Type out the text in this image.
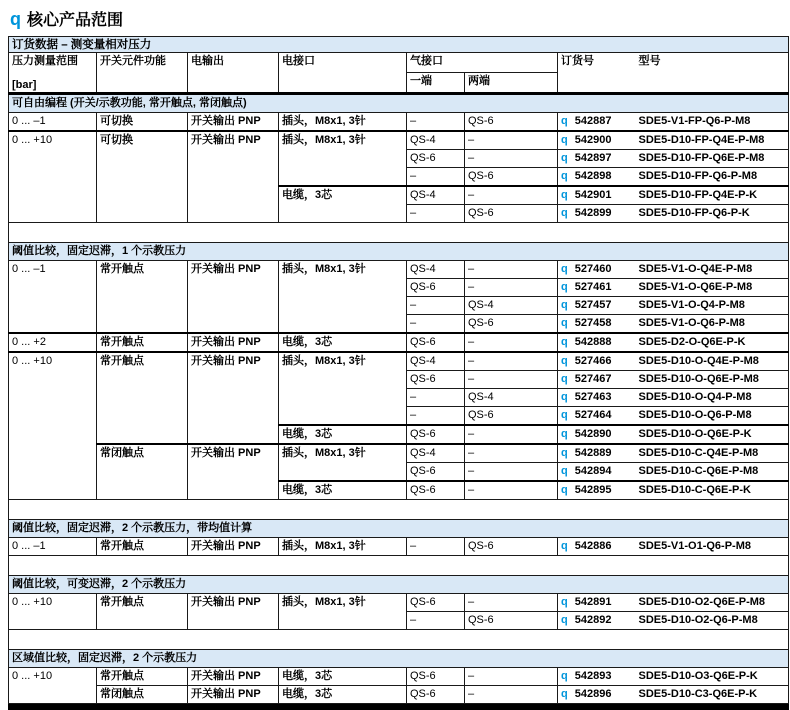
q 核心产品范围
订货数据 – 测变量相对压力							

压力测量范围
[bar]	开关元件功能	电输出	电接口	气接口		订货号	型号
				一端	两端		
可自由编程 (开关/示教功能, 常开触点, 常闭触点)							
0 ... –1	可切换	开关输出 PNP	插头，M8x1, 3针	–	QS-6	q 542887	SDE5-V1-FP-Q6-P-M8
0 ... +10	可切换	开关输出 PNP	插头，M8x1, 3针	QS-4	–	q 542900	SDE5-D10-FP-Q4E-P-M8
				QS-6	–	q 542897	SDE5-D10-FP-Q6E-P-M8
				–	QS-6	q 542898	SDE5-D10-FP-Q6-P-M8
			电缆，3芯	QS-4	–	q 542901	SDE5-D10-FP-Q4E-P-K
				–	QS-6	q 542899	SDE5-D10-FP-Q6-P-K

阈值比较，固定迟滞，1 个示教压力							
0 ... –1	常开触点	开关输出 PNP	插头，M8x1, 3针	QS-4	–	q 527460	SDE5-V1-O-Q4E-P-M8
				QS-6	–	q 527461	SDE5-V1-O-Q6E-P-M8
				–	QS-4	q 527457	SDE5-V1-O-Q4-P-M8
				–	QS-6	q 527458	SDE5-V1-O-Q6-P-M8
0 ... +2	常开触点	开关输出 PNP	电缆，3芯	QS-6	–	q 542888	SDE5-D2-O-Q6E-P-K
0 ... +10	常开触点	开关输出 PNP	插头，M8x1, 3针	QS-4	–	q 527466	SDE5-D10-O-Q4E-P-M8
				QS-6	–	q 527467	SDE5-D10-O-Q6E-P-M8
				–	QS-4	q 527463	SDE5-D10-O-Q4-P-M8
				–	QS-6	q 527464	SDE5-D10-O-Q6-P-M8
			电缆，3芯	QS-6	–	q 542890	SDE5-D10-O-Q6E-P-K
	常闭触点	开关输出 PNP	插头，M8x1, 3针	QS-4	–	q 542889	SDE5-D10-C-Q4E-P-M8
				QS-6	–	q 542894	SDE5-D10-C-Q6E-P-M8
			电缆，3芯	QS-6	–	q 542895	SDE5-D10-C-Q6E-P-K

阈值比较，固定迟滞，2 个示教压力，带均值计算							
0 ... –1	常开触点	开关输出 PNP	插头，M8x1, 3针	–	QS-6	q 542886	SDE5-V1-O1-Q6-P-M8

阈值比较，可变迟滞，2 个示教压力							
0 ... +10	常开触点	开关输出 PNP	插头，M8x1, 3针	QS-6	–	q 542891	SDE5-D10-O2-Q6E-P-M8
				–	QS-6	q 542892	SDE5-D10-O2-Q6-P-M8

区域值比较，固定迟滞，2 个示教压力							
0 ... +10	常开触点	开关输出 PNP	电缆，3芯	QS-6	–	q 542893	SDE5-D10-O3-Q6E-P-K
	常闭触点	开关输出 PNP	电缆，3芯	QS-6	–	q 542896	SDE5-D10-C3-Q6E-P-K
